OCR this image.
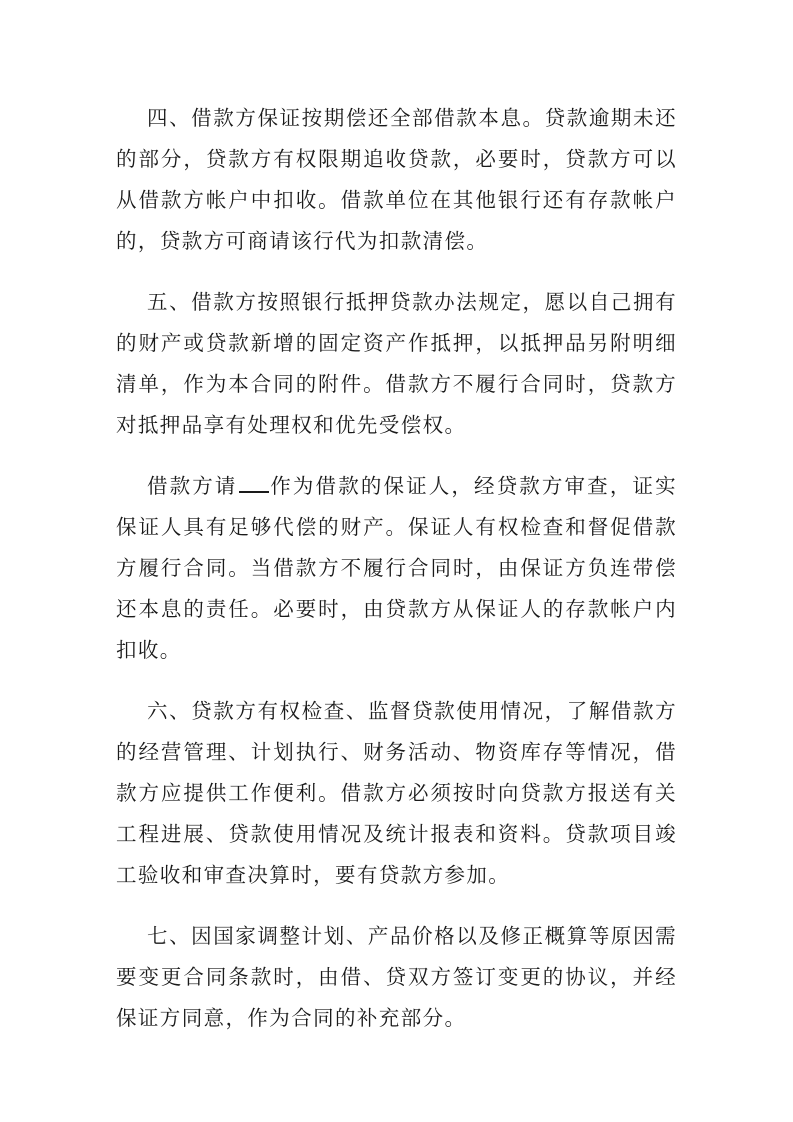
四、借款方保证按期偿还全部借款本息。贷款逾期未还的部分，贷款方有权限期追收贷款，必要时，贷款方可以从借款方帐户中扣收。借款单位在其他银行还有存款帐户的，贷款方可商请该行代为扣款清偿。

五、借款方按照银行抵押贷款办法规定，愿以自己拥有的财产或贷款新增的固定资产作抵押，以抵押品另附明细清单，作为本合同的附件。借款方不履行合同时，贷款方对抵押品享有处理权和优先受偿权。

借款方请 作为借款的保证人，经贷款方审查，证实保证人具有足够代偿的财产。保证人有权检查和督促借款方履行合同。当借款方不履行合同时，由保证方负连带偿还本息的责任。必要时，由贷款方从保证人的存款帐户内扣收。

六、贷款方有权检查、监督贷款使用情况，了解借款方的经营管理、计划执行、财务活动、物资库存等情况，借款方应提供工作便利。借款方必须按时向贷款方报送有关工程进展、贷款使用情况及统计报表和资料。贷款项目竣工验收和审查决算时，要有贷款方参加。

七、因国家调整计划、产品价格以及修正概算等原因需要变更合同条款时，由借、贷双方签订变更的协议，并经保证方同意，作为合同的补充部分。
